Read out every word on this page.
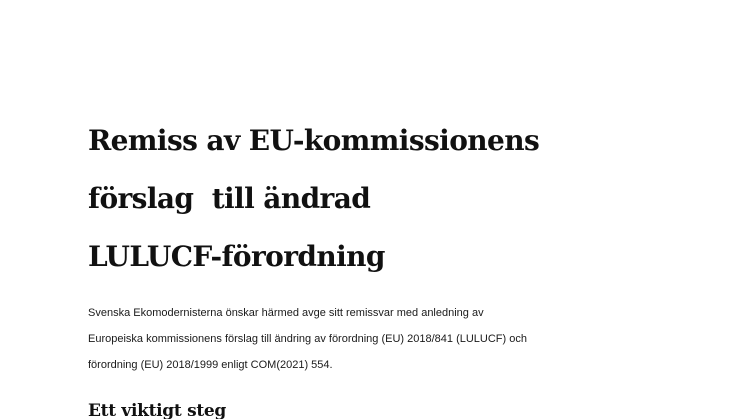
Remiss av EU-kommissionens
förslag  till ändrad
LULUCF-förordning

Svenska Ekomodernisterna önskar härmed avge sitt remissvar med anledning av
Europeiska kommissionens förslag till ändring av förordning (EU) 2018/841 (LULUCF) och
förordning (EU) 2018/1999 enligt COM(2021) 554.

Ett viktigt steg
